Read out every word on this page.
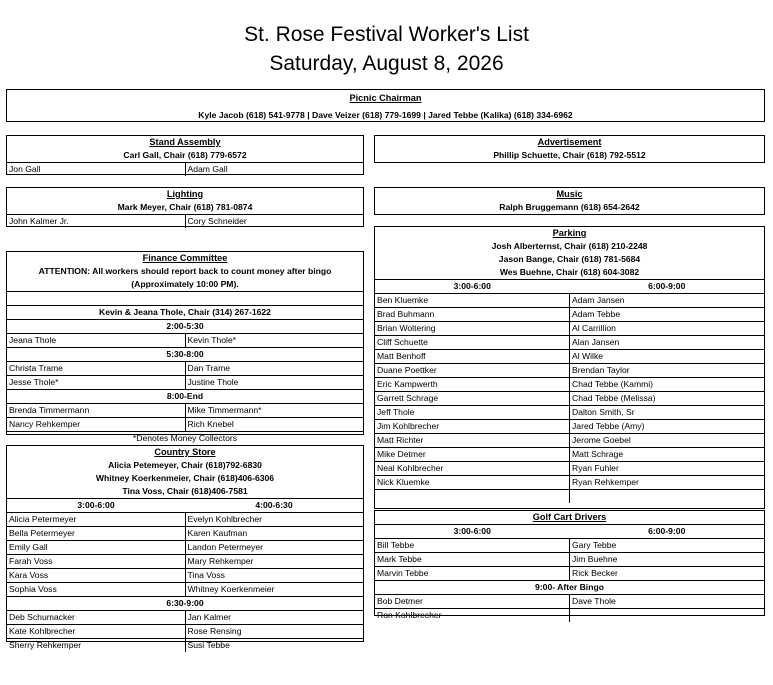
St. Rose Festival Worker's List
Saturday, August 8, 2026
Picnic Chairman
Kyle Jacob (618) 541-9778 | Dave Veizer (618) 779-1699 | Jared Tebbe (Kalika) (618) 334-6962
Stand Assembly
Carl Gall, Chair (618) 779-6572
Jon Gall	Adam Gall
Advertisement
Phillip Schuette, Chair (618) 792-5512
Lighting
Mark Meyer, Chair (618) 781-0874
John Kalmer Jr.	Cory Schneider
Music
Ralph Bruggemann (618) 654-2642
Finance Committee
ATTENTION: All workers should report back to count money after bingo (Approximately 10:00 PM).
Kevin & Jeana Thole, Chair (314) 267-1622
2:00-5:30
Jeana Thole	Kevin Thole*
5:30-8:00
Christa Trame	Dan Trame
Jesse Thole*	Justine Thole
8:00-End
Brenda Timmermann	Mike Timmermann*
Nancy Rehkemper	Rich Knebel
*Denotes Money Collectors
Parking
Josh Alberternst, Chair (618) 210-2248
Jason Bange, Chair (618) 781-5684
Wes Buehne, Chair (618) 604-3082
3:00-6:00	6:00-9:00
Ben Kluemke	Adam Jansen
Brad Buhmann	Adam Tebbe
Brian Woltering	Al Carrillion
Cliff Schuette	Alan Jansen
Matt Benhoff	Al Wilke
Duane Poettker	Brendan Taylor
Eric Kampwerth	Chad Tebbe (Kammi)
Garrett Schrage	Chad Tebbe (Melissa)
Jeff Thole	Dalton Smith, Sr
Jim Kohlbrecher	Jared Tebbe (Amy)
Matt Richter	Jerome Goebel
Mike Detmer	Matt Schrage
Neal Kohlbrecher	Ryan Fuhler
Nick Kluemke	Ryan Rehkemper
Country Store
Alicia Petemeyer, Chair (618)792-6830
Whitney Koerkenmeier, Chair (618)406-6306
Tina Voss, Chair (618)406-7581
3:00-6:00	4:00-6:30
Alicia Petermeyer	Evelyn Kohlbrecher
Bella Petermeyer	Karen Kaufman
Emily Gall	Landon Petermeyer
Farah Voss	Mary Rehkemper
Kara Voss	Tina Voss
Sophia Voss	Whitney Koerkenmeier
6:30-9:00
Deb Schumacker	Jan Kalmer
Kate Kohlbrecher	Rose Rensing
Sherry Rehkemper	Susi Tebbe
Golf Cart Drivers
3:00-6:00	6:00-9:00
Bill Tebbe	Gary Tebbe
Mark Tebbe	Jim Buehne
Marvin Tebbe	Rick Becker
9:00- After Bingo
Bob Detmer	Dave Thole
Ron Kohlbrecher
